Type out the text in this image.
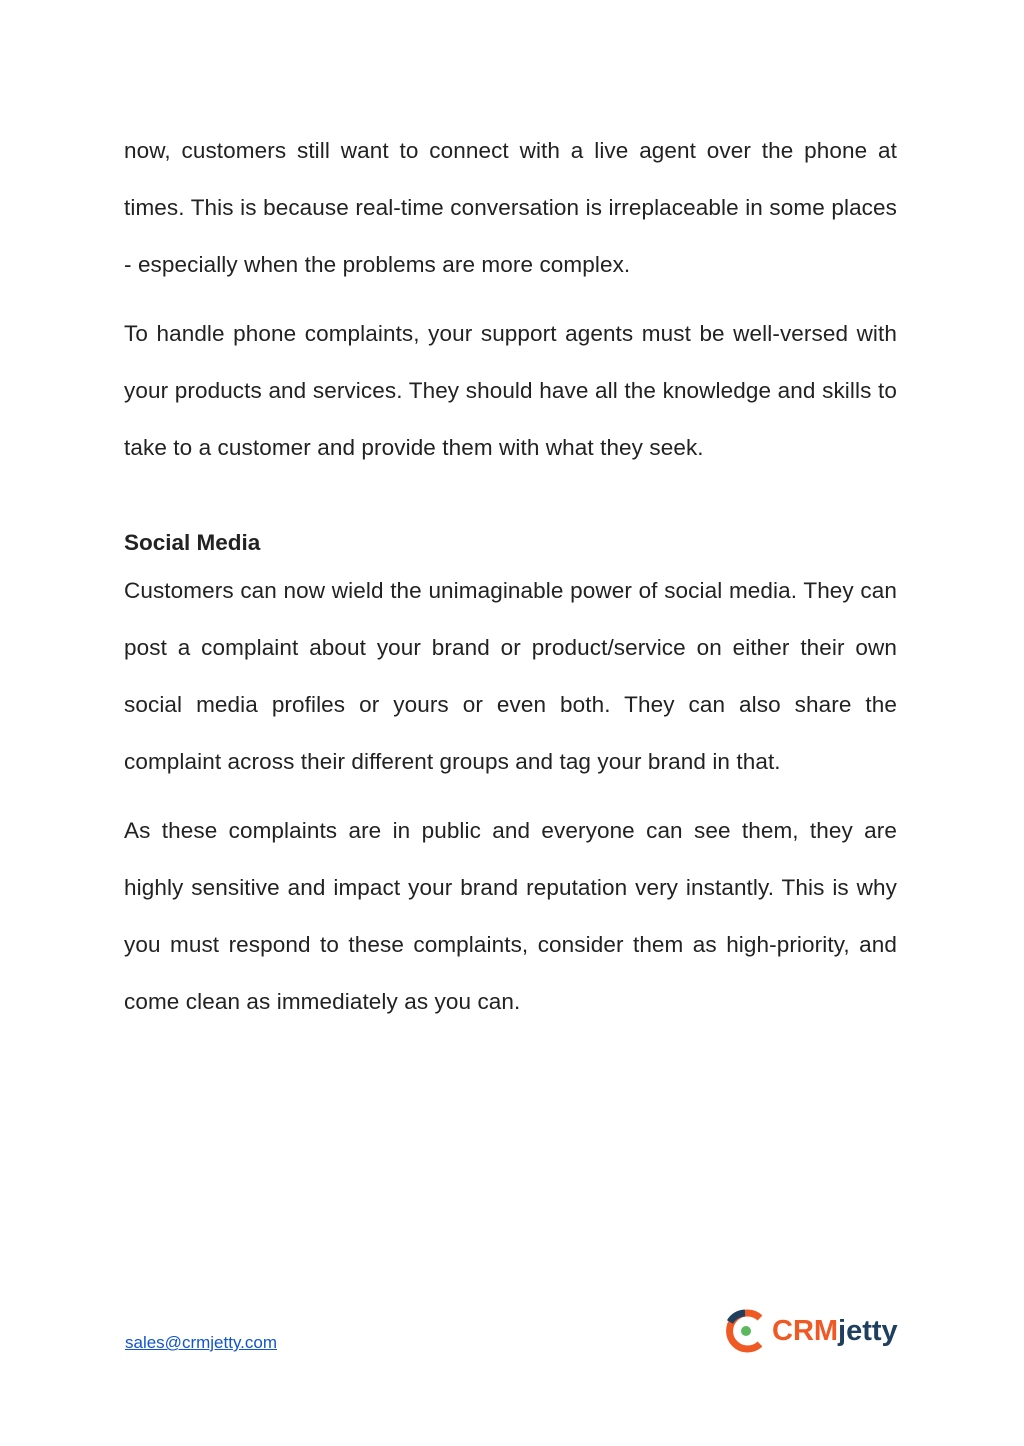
now, customers still want to connect with a live agent over the phone at times. This is because real-time conversation is irreplaceable in some places - especially when the problems are more complex.

To handle phone complaints, your support agents must be well-versed with your products and services. They should have all the knowledge and skills to take to a customer and provide them with what they seek.

Social Media

Customers can now wield the unimaginable power of social media. They can post a complaint about your brand or product/service on either their own social media profiles or yours or even both. They can also share the complaint across their different groups and tag your brand in that.

As these complaints are in public and everyone can see them, they are highly sensitive and impact your brand reputation very instantly. This is why you must respond to these complaints, consider them as high-priority, and come clean as immediately as you can.

sales@crmjetty.com	CRMjetty
